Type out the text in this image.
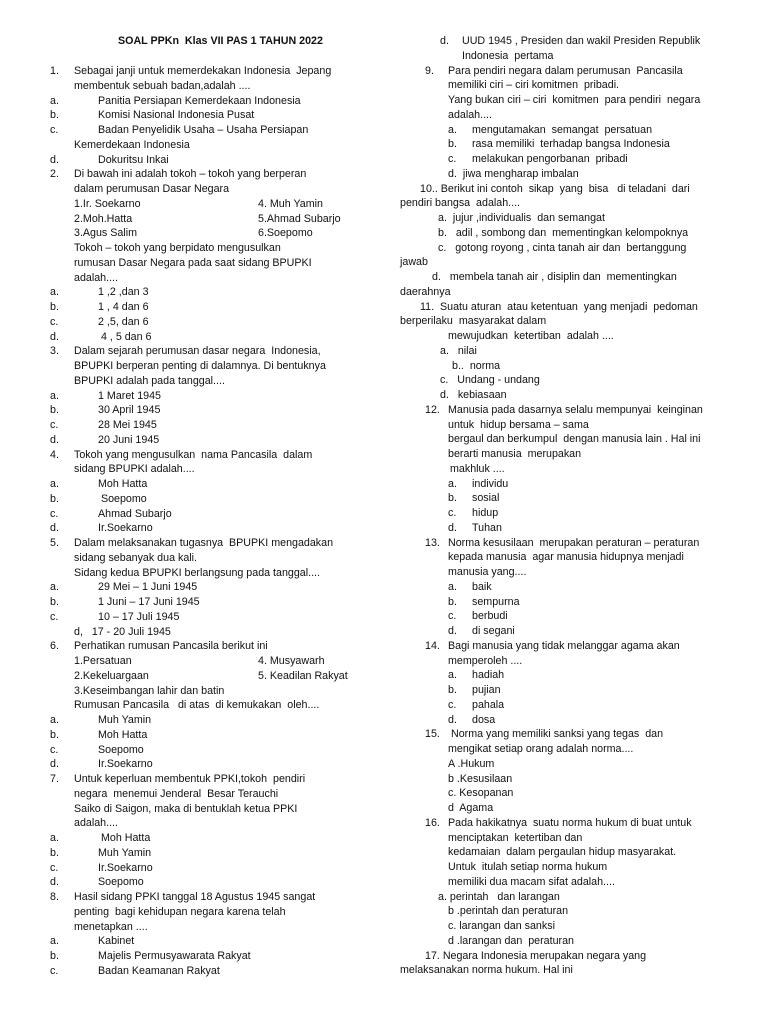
SOAL PPKn  Klas VII PAS 1 TAHUN 2022
1. Sebagai janji untuk memerdekakan Indonesia  Jepang
membentuk sebuah badan,adalah ....
a.	Panitia Persiapan Kemerdekaan Indonesia
b.	Komisi Nasional Indonesia Pusat
c.	Badan Penyelidik Usaha – Usaha Persiapan
Kemerdekaan Indonesia
d.	Dokuritsu Inkai
2. Di bawah ini adalah tokoh – tokoh yang berperan
dalam perumusan Dasar Negara
1.Ir. Soekarno	4. Muh Yamin
2.Moh.Hatta	5.Ahmad Subarjo
3.Agus Salim	6.Soepomo
Tokoh – tokoh yang berpidato mengusulkan
rumusan Dasar Negara pada saat sidang BPUPKI
adalah....
a.	1 ,2 ,dan 3
b.	1 , 4 dan 6
c.	2 ,5, dan 6
d.	4 , 5 dan 6
3. Dalam sejarah perumusan dasar negara  Indonesia,
BPUPKI berperan penting di dalamnya. Di bentuknya
BPUPKI adalah pada tanggal....
a.	1 Maret 1945
b.	30 April 1945
c.	28 Mei 1945
d.	20 Juni 1945
4. Tokoh yang mengusulkan  nama Pancasila  dalam
sidang BPUPKI adalah....
a.	Moh Hatta
b.	Soepomo
c.	Ahmad Subarjo
d.	Ir.Soekarno
5. Dalam melaksanakan tugasnya  BPUPKI mengadakan
sidang sebanyak dua kali.
Sidang kedua BPUPKI berlangsung pada tanggal....
a.	29 Mei – 1 Juni 1945
b.	1 Juni – 17 Juni 1945
c.	10 – 17 Juli 1945
d,   17 - 20 Juli 1945
6. Perhatikan rumusan Pancasila berikut ini
1.Persatuan	4. Musyawarh
2.Kekeluargaan	5. Keadilan Rakyat
3.Keseimbangan lahir dan batin
Rumusan Pancasila   di atas  di kemukakan  oleh....
a.	Muh Yamin
b.	Moh Hatta
c.	Soepomo
d.	Ir.Soekarno
7. Untuk keperluan membentuk PPKI,tokoh  pendiri
negara  menemui Jenderal  Besar Terauchi
Saiko di Saigon, maka di bentuklah ketua PPKI
adalah....
a.	Moh Hatta
b.	Muh Yamin
c.	Ir.Soekarno
d.	Soepomo
8. Hasil sidang PPKI tanggal 18 Agustus 1945 sangat
penting  bagi kehidupan negara karena telah
menetapkan ....
a.	Kabinet
b.	Majelis Permusyawarata Rakyat
c.	Badan Keamanan Rakyat
d. UUD 1945 , Presiden dan wakil Presiden Republik
Indonesia  pertama
9. Para pendiri negara dalam perumusan  Pancasila
memiliki ciri – ciri komitmen  pribadi.
Yang bukan ciri – ciri  komitmen  para pendiri  negara
adalah....
a. mengutamakan  semangat  persatuan
b. rasa memiliki  terhadap bangsa Indonesia
c. melakukan pengorbanan  pribadi
d.  jiwa mengharap imbalan
10.. Berikut ini contoh  sikap  yang  bisa   di teladani  dari
pendiri bangsa  adalah....
a.  jujur ,individualis  dan semangat
b.   adil , sombong dan  mementingkan kelompoknya
c.   gotong royong , cinta tanah air dan  bertanggung
jawab
d.   membela tanah air , disiplin dan  mementingkan
daerahnya
11.  Suatu aturan  atau ketentuan  yang menjadi  pedoman
berperilaku  masyarakat dalam
mewujudkan  ketertiban  adalah ....
a.   nilai
b..  norma
c.   Undang - undang
d.   kebiasaan
12. Manusia pada dasarnya selalu mempunyai  keinginan
untuk  hidup bersama – sama
bergaul dan berkumpul  dengan manusia lain . Hal ini
berarti manusia  merupakan
makhluk ....
a. individu
b. sosial
c. hidup
d. Tuhan
13. Norma kesusilaan  merupakan peraturan – peraturan
kepada manusia  agar manusia hidupnya menjadi
manusia yang....
a. baik
b. sempurna
c. berbudi
d. di segani
14. Bagi manusia yang tidak melanggar agama akan
memperoleh ....
a. hadiah
b. pujian
c. pahala
d. dosa
15. Norma yang memiliki sanksi yang tegas  dan
mengikat setiap orang adalah norma....
A .Hukum
b .Kesusilaan
c. Kesopanan
d  Agama
16. Pada hakikatnya  suatu norma hukum di buat untuk
menciptakan  ketertiban dan
kedamaian  dalam pergaulan hidup masyarakat.
Untuk  itulah setiap norma hukum
memiliki dua macam sifat adalah....
a. perintah   dan larangan
b .perintah dan peraturan
c. larangan dan sanksi
d .larangan dan  peraturan
17. Negara Indonesia merupakan negara yang
melaksanakan norma hukum. Hal ini
